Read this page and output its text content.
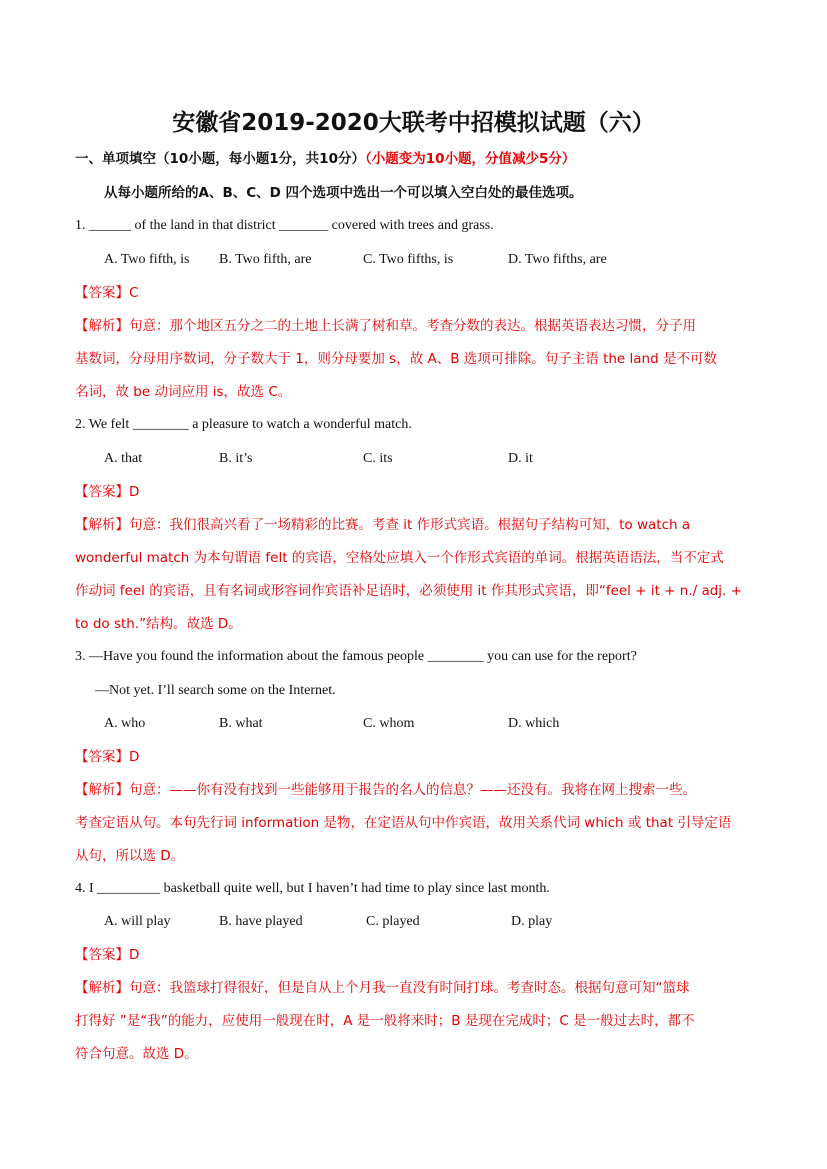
安徽省2019-2020大联考中招模拟试题（六）
一、单项填空（10小题，每小题1分，共10分）（小题变为10小题，分值减少5分）
从每小题所给的A、B、C、D 四个选项中选出一个可以填入空白处的最佳选项。
1. ______ of the land in that district _______ covered with trees and grass.
A. Two fifth, is B. Two fifth, are	C. Two fifths, is	D. Two fifths, are
【答案】C
【解析】句意：那个地区五分之二的土地上长满了树和草。考查分数的表达。根据英语表达习惯，分子用
基数词，分母用序数词，分子数大于 1，则分母要加 s，故 A、B 选项可排除。句子主语 the land 是不可数
名词，故 be 动词应用 is，故选 C。
2. We felt ________ a pleasure to watch a wonderful match.
A. that	B. it’s	C. its	D. it
【答案】D
【解析】句意：我们很高兴看了一场精彩的比赛。考查 it 作形式宾语。根据句子结构可知，to watch a
wonderful match 为本句谓语 felt 的宾语，空格处应填入一个作形式宾语的单词。根据英语语法，当不定式
作动词 feel 的宾语，且有名词或形容词作宾语补足语时，必须使用 it 作其形式宾语，即“feel + it + n./ adj. +
to do sth.”结构。故选 D。
3. —Have you found the information about the famous people ________ you can use for the report?
—Not yet. I’ll search some on the Internet.
A. who	B. what	C. whom	D. which
【答案】D
【解析】句意：——你有没有找到一些能够用于报告的名人的信息？——还没有。我将在网上搜索一些。
考查定语从句。本句先行词 information 是物，在定语从句中作宾语，故用关系代词 which 或 that 引导定语
从句，所以选 D。
4. I _________ basketball quite well, but I haven’t had time to play since last month.
A. will play	B. have played	C. played	D. play
【答案】D
【解析】句意：我篮球打得很好，但是自从上个月我一直没有时间打球。考查时态。根据句意可知“篮球
打得好 ”是“我”的能力，应使用一般现在时，A 是一般将来时；B 是现在完成时；C 是一般过去时，都不
符合句意。故选 D。
